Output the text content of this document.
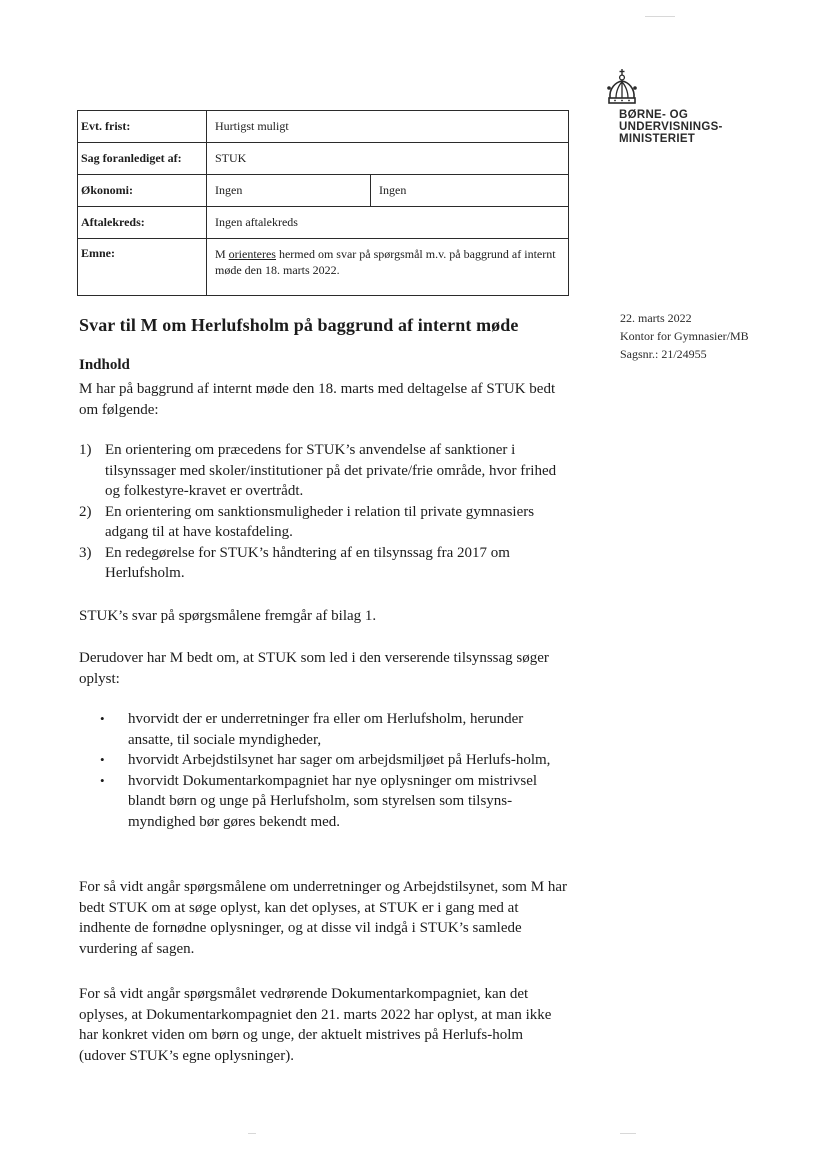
BØRNE- OG
UNDERVISNINGS-
MINISTERIET
Evt. frist:	Hurtigst muligt	
Sag foranlediget af:	STUK	
Økonomi:	Ingen	Ingen
Aftalekreds:	Ingen aftalekreds	
Emne:	M orienteres hermed om svar på spørgsmål m.v. på baggrund af internt møde den 18. marts 2022.	
22. marts 2022
Kontor for Gymnasier/MB
Sagsnr.: 21/24955
Svar til M om Herlufsholm på baggrund af internt møde
Indhold

M har på baggrund af internt møde den 18. marts med deltagelse af STUK bedt om følgende:

1) En orientering om præcedens for STUK’s anvendelse af sanktioner i tilsynssager med skoler/institutioner på det private/frie område, hvor frihed og folkestyre-kravet er overtrådt.
2) En orientering om sanktionsmuligheder i relation til private gymnasiers adgang til at have kostafdeling.
3) En redegørelse for STUK’s håndtering af en tilsynssag fra 2017 om Herlufsholm.

STUK’s svar på spørgsmålene fremgår af bilag 1.

Derudover har M bedt om, at STUK som led i den verserende tilsynssag søger oplyst:

• hvorvidt der er underretninger fra eller om Herlufsholm, herunder ansatte, til sociale myndigheder,
• hvorvidt Arbejdstilsynet har sager om arbejdsmiljøet på Herlufs-holm,
• hvorvidt Dokumentarkompagniet har nye oplysninger om mistrivsel blandt børn og unge på Herlufsholm, som styrelsen som tilsyns-myndighed bør gøres bekendt med.

For så vidt angår spørgsmålene om underretninger og Arbejdstilsynet, som M har bedt STUK om at søge oplyst, kan det oplyses, at STUK er i gang med at indhente de fornødne oplysninger, og at disse vil indgå i STUK’s samlede vurdering af sagen.

For så vidt angår spørgsmålet vedrørende Dokumentarkompagniet, kan det oplyses, at Dokumentarkompagniet den 21. marts 2022 har oplyst, at man ikke har konkret viden om børn og unge, der aktuelt mistrives på Herlufs-holm (udover STUK’s egne oplysninger).
